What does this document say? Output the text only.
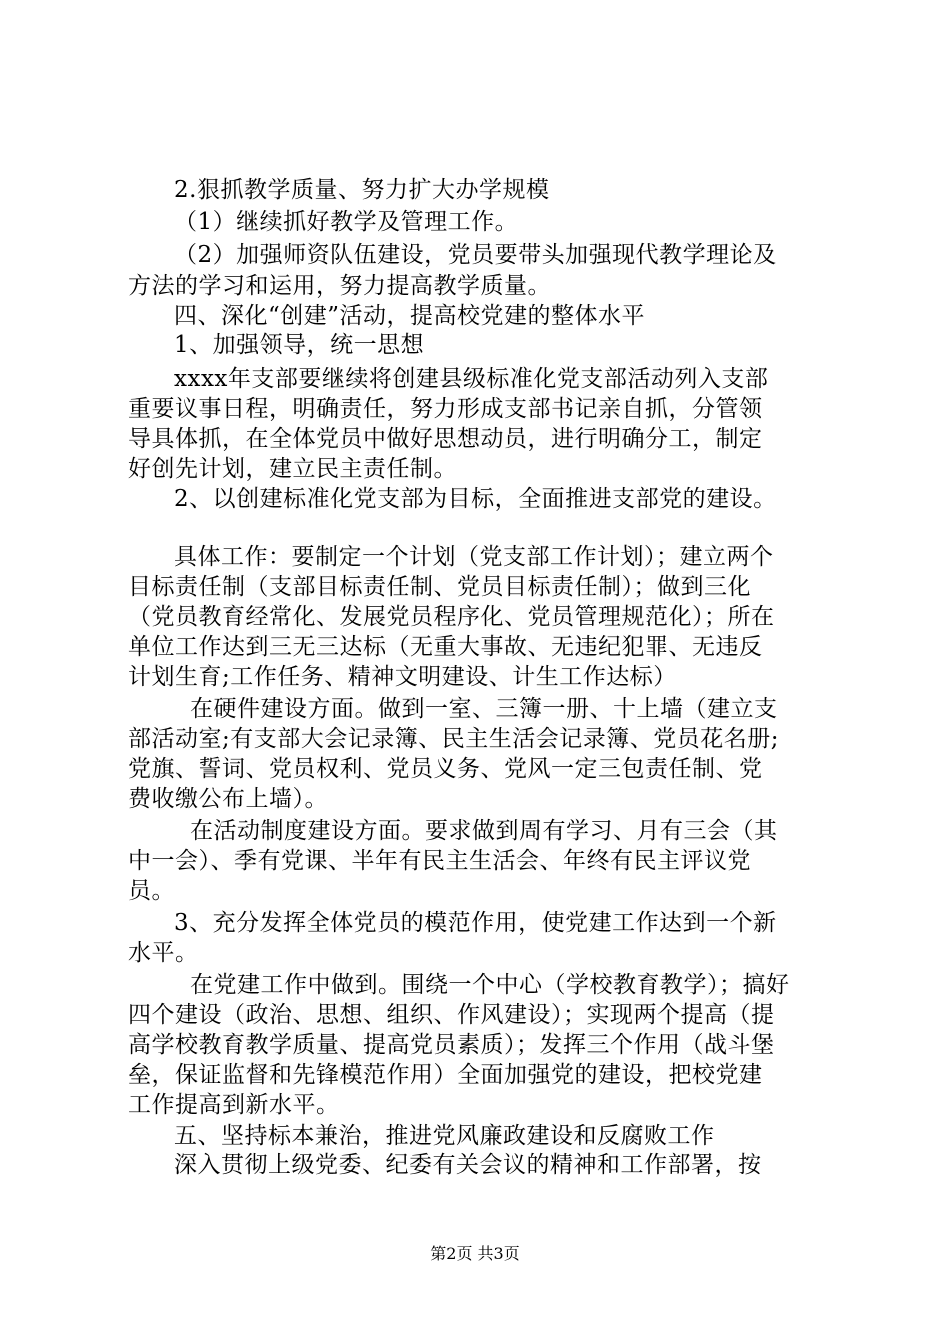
2.狠抓教学质量、努力扩大办学规模
（1）继续抓好教学及管理工作。
（2）加强师资队伍建设，党员要带头加强现代教学理论及
方法的学习和运用，努力提高教学质量。
四、深化“创建”活动，提高校党建的整体水平
1、加强领导，统一思想
xxxx年支部要继续将创建县级标准化党支部活动列入支部
重要议事日程，明确责任，努力形成支部书记亲自抓，分管领
导具体抓，在全体党员中做好思想动员，进行明确分工，制定
好创先计划，建立民主责任制。
2、以创建标准化党支部为目标，全面推进支部党的建设。
具体工作：要制定一个计划（党支部工作计划）；建立两个
目标责任制（支部目标责任制、党员目标责任制）；做到三化
（党员教育经常化、发展党员程序化、党员管理规范化）；所在
单位工作达到三无三达标（无重大事故、无违纪犯罪、无违反
计划生育;工作任务、精神文明建设、计生工作达标）
在硬件建设方面。做到一室、三簿一册、十上墙（建立支
部活动室;有支部大会记录簿、民主生活会记录簿、党员花名册;
党旗、誓词、党员权利、党员义务、党风一定三包责任制、党
费收缴公布上墙）。
在活动制度建设方面。要求做到周有学习、月有三会（其
中一会）、季有党课、半年有民主生活会、年终有民主评议党
员。
3、充分发挥全体党员的模范作用，使党建工作达到一个新
水平。
在党建工作中做到。围绕一个中心（学校教育教学）；搞好
四个建设（政治、思想、组织、作风建设）；实现两个提高（提
高学校教育教学质量、提高党员素质）；发挥三个作用（战斗堡
垒，保证监督和先锋模范作用）全面加强党的建设，把校党建
工作提高到新水平。
五、坚持标本兼治，推进党风廉政建设和反腐败工作
深入贯彻上级党委、纪委有关会议的精神和工作部署，按
第2页 共3页
